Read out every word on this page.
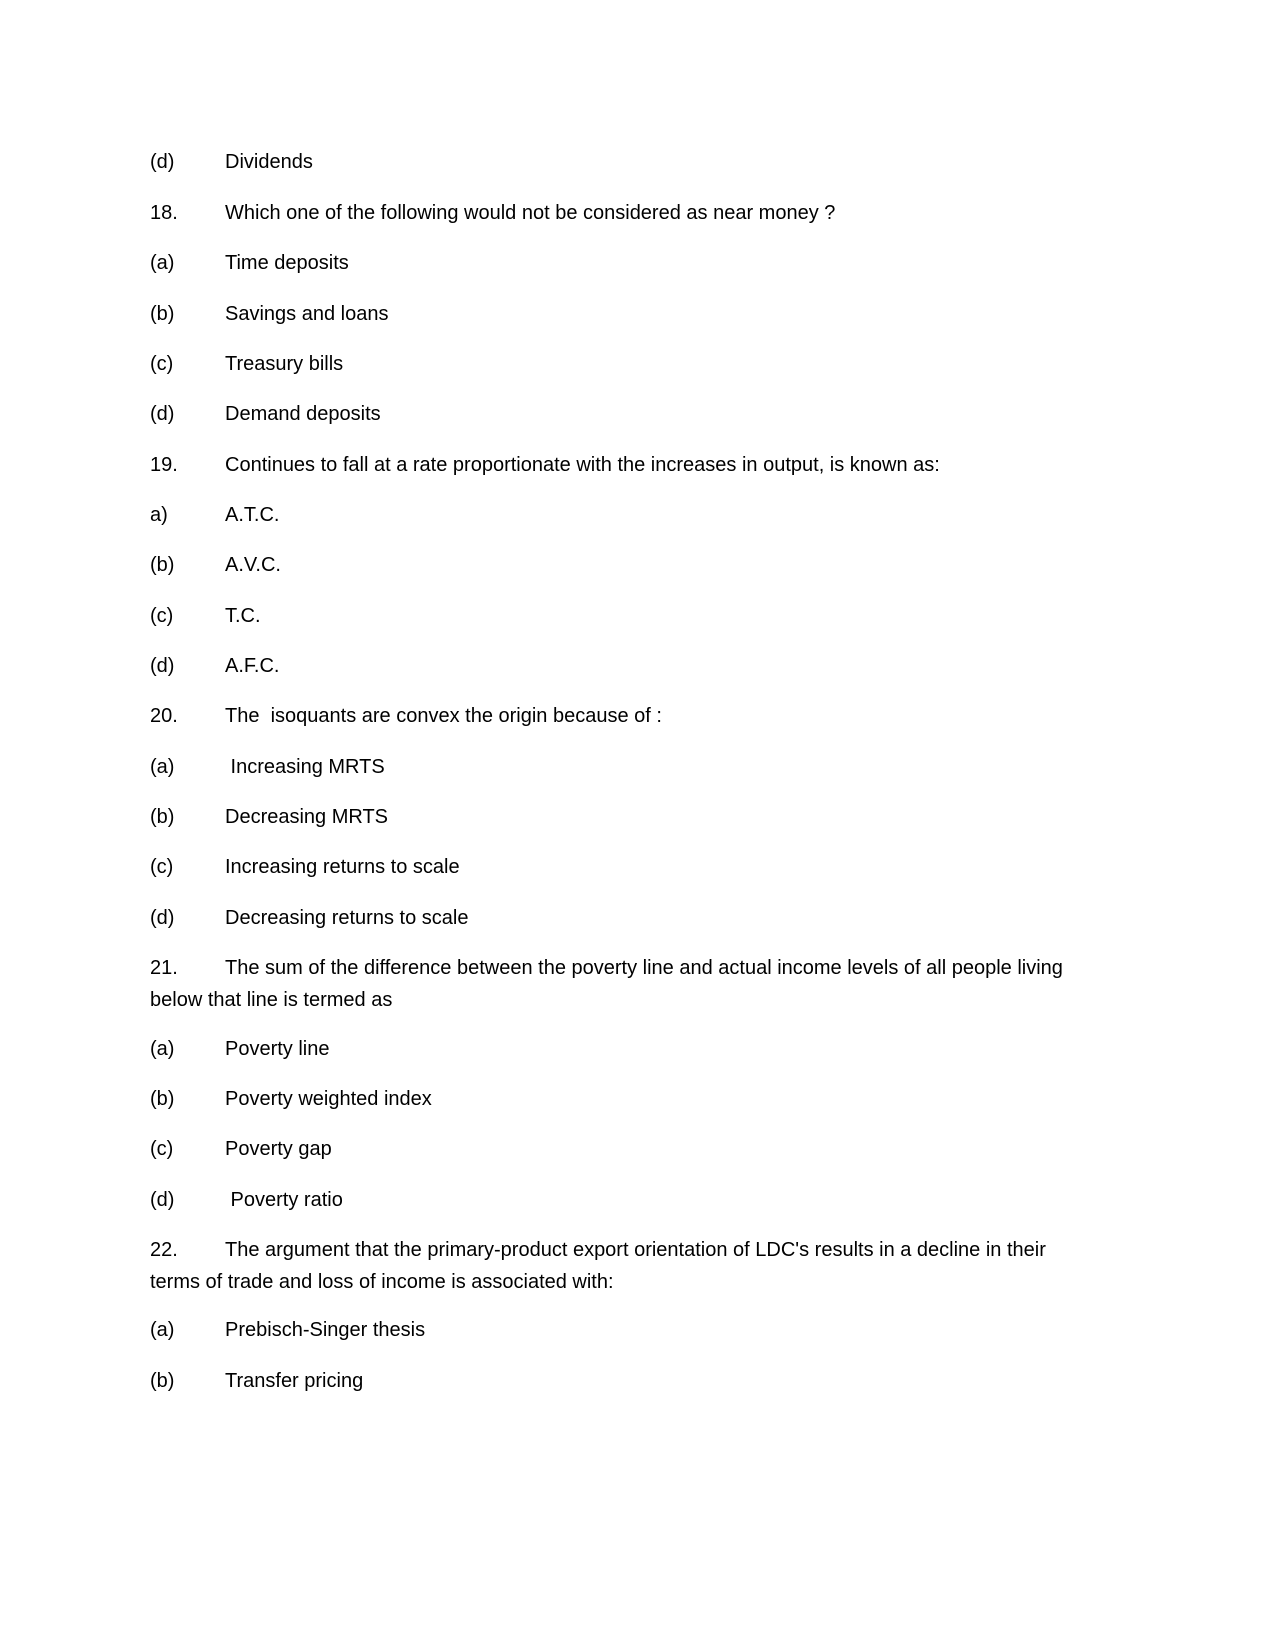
(d)	Dividends
18. Which one of the following would not be considered as near money ?
(a)	Time deposits
(b)	Savings and loans
(c)	Treasury bills
(d)	Demand deposits
19. Continues to fall at a rate proportionate with the increases in output, is known as:
a)	A.T.C.
(b)	A.V.C.
(c)	T.C.
(d)	A.F.C.
20. The  isoquants are convex the origin because of :
(a)	Increasing MRTS
(b)	Decreasing MRTS
(c)	Increasing returns to scale
(d)	Decreasing returns to scale
21. The sum of the difference between the poverty line and actual income levels of all people living
below that line is termed as
(a)	Poverty line
(b)	Poverty weighted index
(c)	Poverty gap
(d)	Poverty ratio
22. The argument that the primary-product export orientation of LDC's results in a decline in their
terms of trade and loss of income is associated with:
(a)	Prebisch-Singer thesis
(b)	Transfer pricing
